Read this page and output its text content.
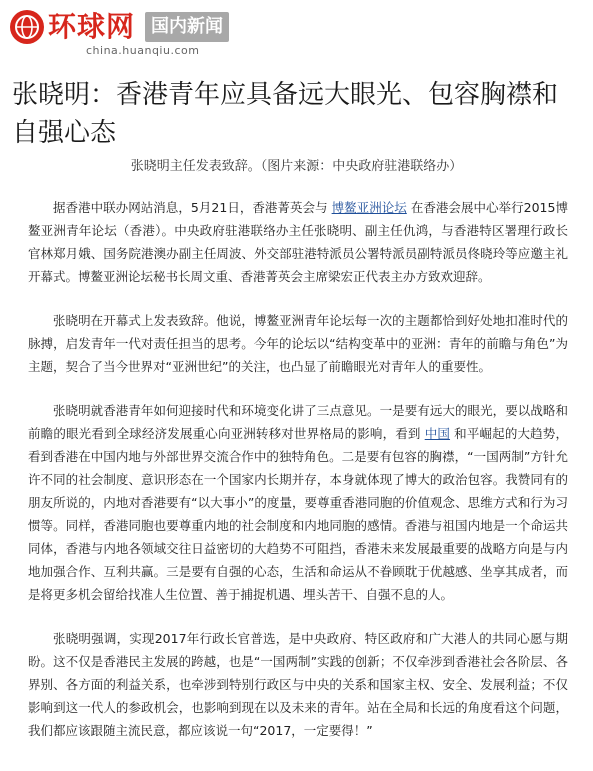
环球网 国内新闻
china.huanqiu.com
张晓明：香港青年应具备远大眼光、包容胸襟和自强心态
张晓明主任发表致辞。（图片来源：中央政府驻港联络办）

据香港中联办网站消息，5月21日，香港菁英会与 博鳌亚洲论坛 在香港会展中心举行2015博鳌亚洲青年论坛（香港）。中央政府驻港联络办主任张晓明、副主任仇鸿，与香港特区署理行政长官林郑月娥、国务院港澳办副主任周波、外交部驻港特派员公署特派员副特派员佟晓玲等应邀主礼开幕式。博鳌亚洲论坛秘书长周文重、香港菁英会主席梁宏正代表主办方致欢迎辞。

张晓明在开幕式上发表致辞。他说，博鳌亚洲青年论坛每一次的主题都恰到好处地扣准时代的脉搏，启发青年一代对责任担当的思考。今年的论坛以“结构变革中的亚洲：青年的前瞻与角色”为主题，契合了当今世界对“亚洲世纪”的关注，也凸显了前瞻眼光对青年人的重要性。

张晓明就香港青年如何迎接时代和环境变化讲了三点意见。一是要有远大的眼光，要以战略和前瞻的眼光看到全球经济发展重心向亚洲转移对世界格局的影响，看到 中国 和平崛起的大趋势，看到香港在中国内地与外部世界交流合作中的独特角色。二是要有包容的胸襟，“一国两制”方针允许不同的社会制度、意识形态在一个国家内长期并存，本身就体现了博大的政治包容。我赞同有的朋友所说的，内地对香港要有“以大事小”的度量，要尊重香港同胞的价值观念、思维方式和行为习惯等。同样，香港同胞也要尊重内地的社会制度和内地同胞的感情。香港与祖国内地是一个命运共同体，香港与内地各领域交往日益密切的大趋势不可阻挡，香港未来发展最重要的战略方向是与内地加强合作、互利共赢。三是要有自强的心态，生活和命运从不眷顾耽于优越感、坐享其成者，而是将更多机会留给找准人生位置、善于捕捉机遇、埋头苦干、自强不息的人。

张晓明强调，实现2017年行政长官普选，是中央政府、特区政府和广大港人的共同心愿与期盼。这不仅是香港民主发展的跨越，也是“一国两制”实践的创新；不仅牵涉到香港社会各阶层、各界别、各方面的利益关系，也牵涉到特别行政区与中央的关系和国家主权、安全、发展利益；不仅影响到这一代人的参政机会，也影响到现在以及未来的青年。站在全局和长远的角度看这个问题，我们都应该跟随主流民意，都应该说一句“2017，一定要得！”
